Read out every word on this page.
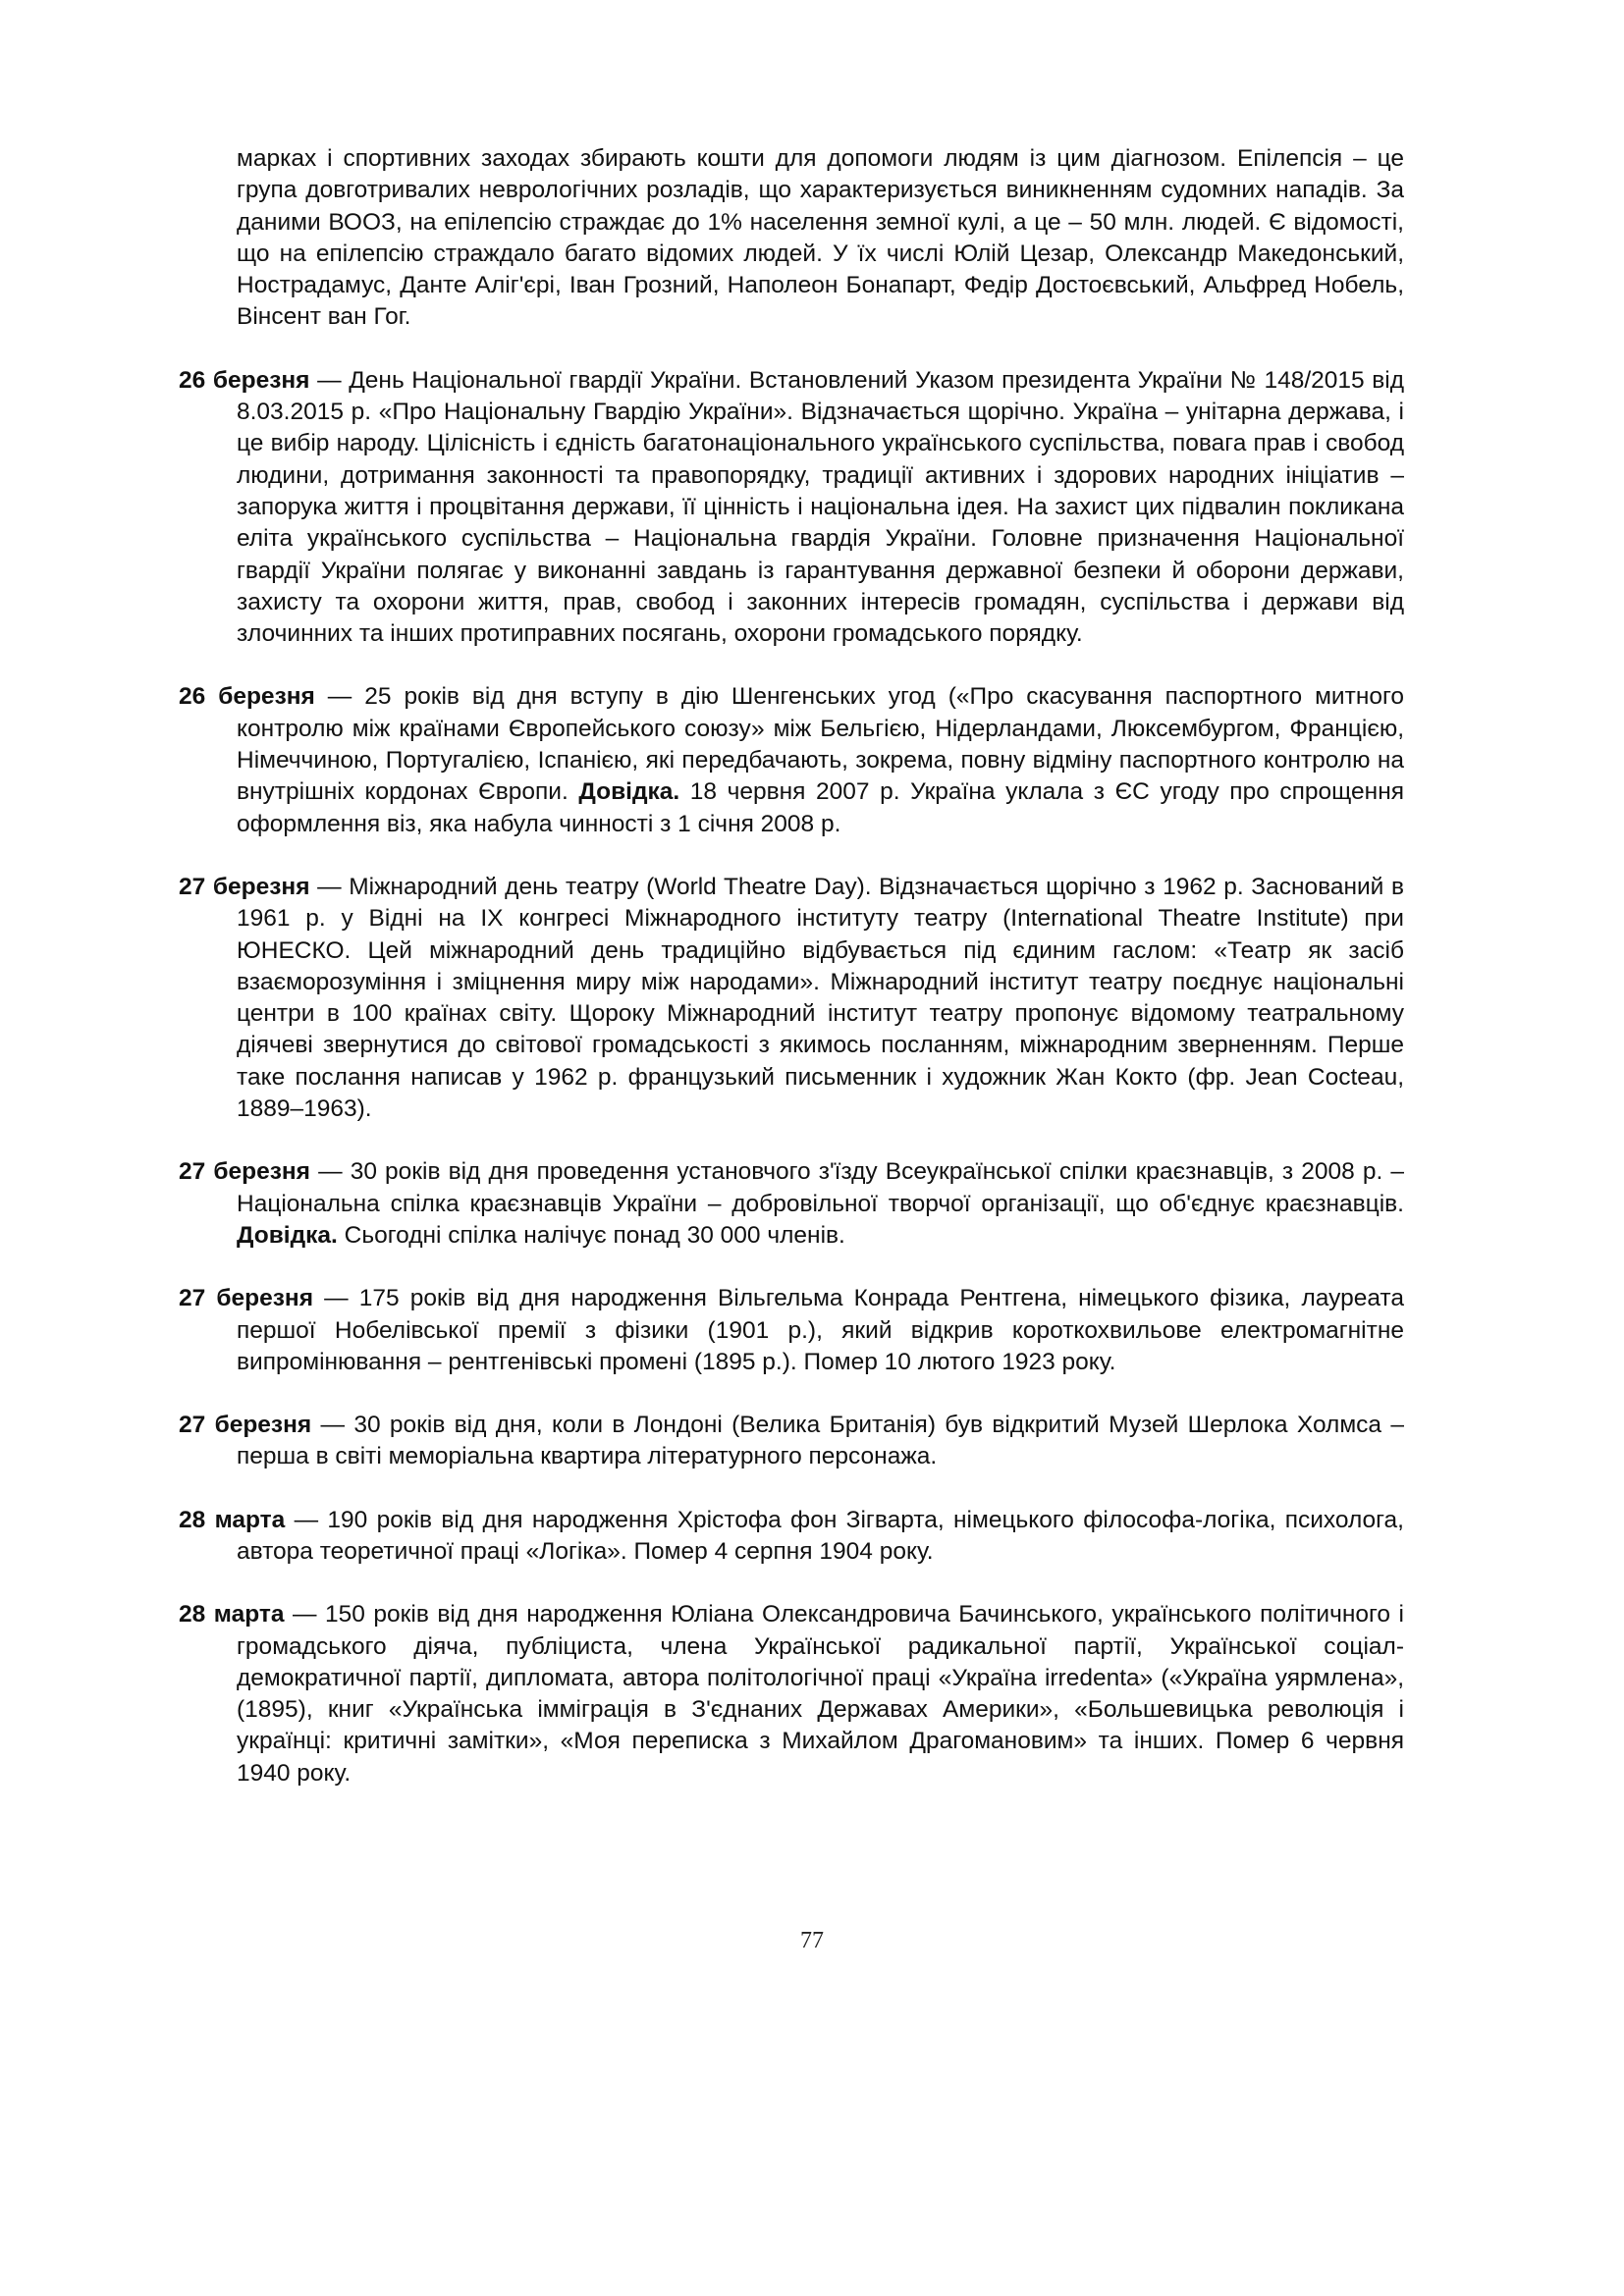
марках і спортивних заходах збирають кошти для допомоги людям із цим діагнозом. Епілепсія – це група довготривалих неврологічних розладів, що характеризується виникненням судомних нападів. За даними ВООЗ, на епілепсію страждає до 1% населення земної кулі, а це – 50 млн. людей. Є відомості, що на епілепсію страждало багато відомих людей. У їх числі Юлій Цезар, Олександр Македонський, Нострадамус, Данте Аліг'єрі, Іван Грозний, Наполеон Бонапарт, Федір Достоєвський, Альфред Нобель, Вінсент ван Гог.

26 березня — День Національної гвардії України. Встановлений Указом президента України № 148/2015 від 8.03.2015 р. «Про Національну Гвардію України». Відзначається щорічно. Україна – унітарна держава, і це вибір народу. Цілісність і єдність багатонаціонального українського суспільства, повага прав і свобод людини, дотримання законності та правопорядку, традиції активних і здорових народних ініціатив – запорука життя і процвітання держави, її цінність і національна ідея. На захист цих підвалин покликана еліта українського суспільства – Національна гвардія України. Головне призначення Національної гвардії України полягає у виконанні завдань із гарантування державної безпеки й оборони держави, захисту та охорони життя, прав, свобод і законних інтересів громадян, суспільства і держави від злочинних та інших протиправних посягань, охорони громадського порядку.

26 березня — 25 років від дня вступу в дію Шенгенських угод («Про скасування паспортного митного контролю між країнами Європейського союзу» між Бельгією, Нідерландами, Люксембургом, Францією, Німеччиною, Португалією, Іспанією, які передбачають, зокрема, повну відміну паспортного контролю на внутрішніх кордонах Європи. Довідка. 18 червня 2007 р. Україна уклала з ЄС угоду про спрощення оформлення віз, яка набула чинності з 1 січня 2008 р.

27 березня — Міжнародний день театру (World Theatre Day). Відзначається щорічно з 1962 р. Заснований в 1961 р. у Відні на IX конгресі Міжнародного інституту театру (International Theatre Institute) при ЮНЕСКО. Цей міжнародний день традиційно відбувається під єдиним гаслом: «Театр як засіб взаєморозуміння і зміцнення миру між народами». Міжнародний інститут театру поєднує національні центри в 100 країнах світу. Щороку Міжнародний інститут театру пропонує відомому театральному діячеві звернутися до світової громадськості з якимось посланням, міжнародним зверненням. Перше таке послання написав у 1962 р. французький письменник і художник Жан Кокто (фр. Jean Cocteau, 1889–1963).

27 березня — 30 років від дня проведення установчого з'їзду Всеукраїнської спілки краєзнавців, з 2008 р. – Національна спілка краєзнавців України – добровільної творчої організації, що об'єднує краєзнавців. Довідка. Сьогодні спілка налічує понад 30 000 членів.

27 березня — 175 років від дня народження Вільгельма Конрада Рентгена, німецького фізика, лауреата першої Нобелівської премії з фізики (1901 р.), який відкрив короткохвильове електромагнітне випромінювання – рентгенівські промені (1895 р.). Помер 10 лютого 1923 року.

27 березня — 30 років від дня, коли в Лондоні (Велика Британія) був відкритий Музей Шерлока Холмса – перша в світі меморіальна квартира літературного персонажа.

28 марта — 190 років від дня народження Хрістофа фон Зігварта, німецького філософа-логіка, психолога, автора теоретичної праці «Логіка». Помер 4 серпня 1904 року.

28 марта — 150 років від дня народження Юліана Олександровича Бачинського, українського політичного і громадського діяча, публіциста, члена Української радикальної партії, Української соціал-демократичної партії, дипломата, автора політологічної праці «Україна irredenta» («Україна уярмлена», (1895), книг «Українська імміграція в З'єднаних Державах Америки», «Большевицька революція і українці: критичні замітки», «Моя переписка з Михайлом Драгомановим» та інших. Помер 6 червня 1940 року.

77
